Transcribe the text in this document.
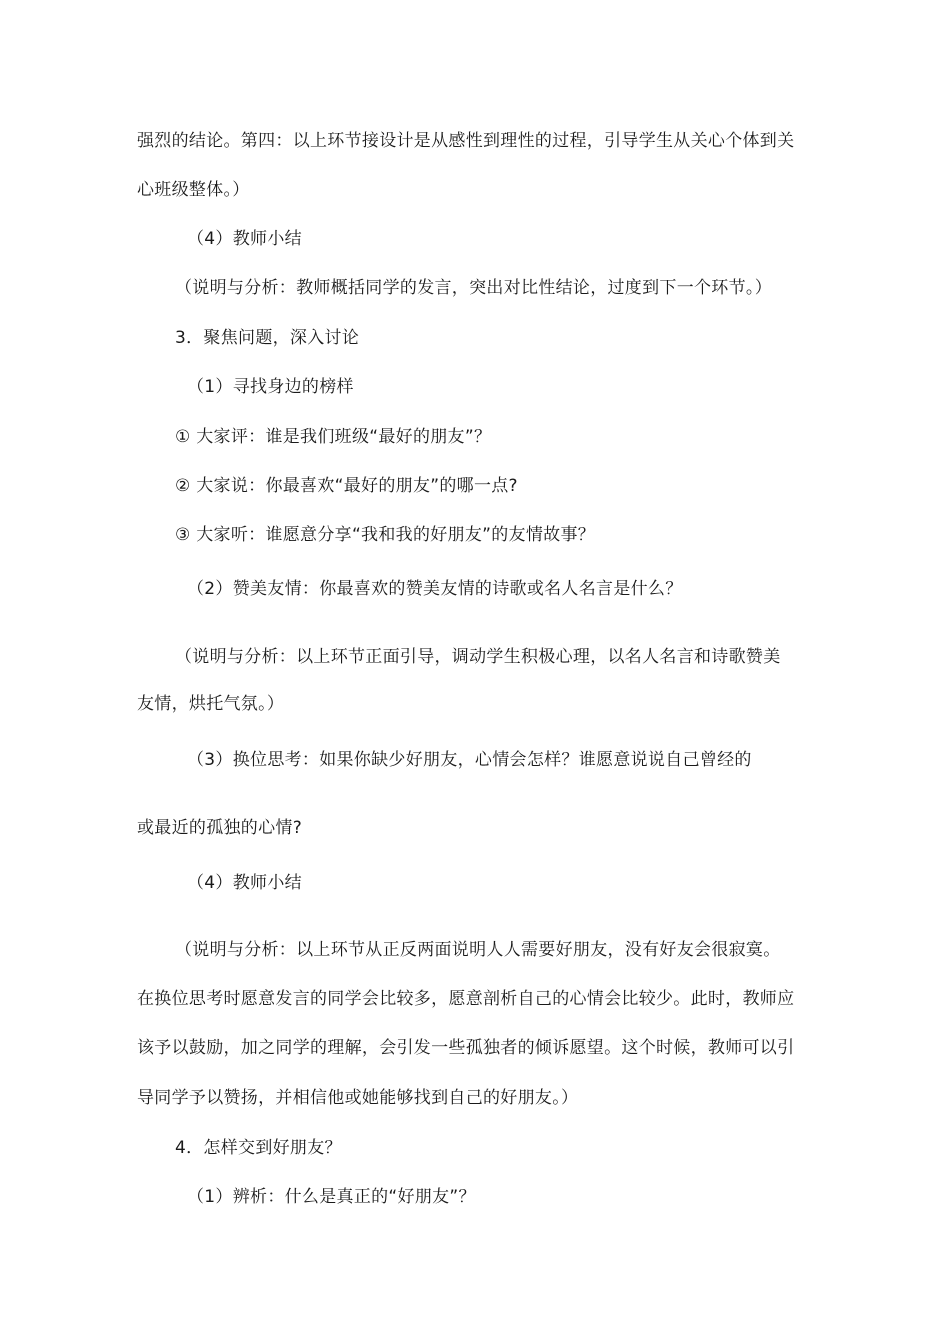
强烈的结论。第四：以上环节接设计是从感性到理性的过程，引导学生从关心个体到关
心班级整体。）
（4）教师小结
（说明与分析：教师概括同学的发言，突出对比性结论，过度到下一个环节。）
3．聚焦问题，深入讨论
（1）寻找身边的榜样
① 大家评：谁是我们班级“最好的朋友”？
② 大家说：你最喜欢“最好的朋友”的哪一点?
③ 大家听：谁愿意分享“我和我的好朋友”的友情故事？
（2）赞美友情：你最喜欢的赞美友情的诗歌或名人名言是什么？
（说明与分析：以上环节正面引导，调动学生积极心理，以名人名言和诗歌赞美
友情，烘托气氛。）
（3）换位思考：如果你缺少好朋友，心情会怎样？谁愿意说说自己曾经的
或最近的孤独的心情?
（4）教师小结
（说明与分析：以上环节从正反两面说明人人需要好朋友，没有好友会很寂寞。
在换位思考时愿意发言的同学会比较多，愿意剖析自己的心情会比较少。此时，教师应
该予以鼓励，加之同学的理解，会引发一些孤独者的倾诉愿望。这个时候，教师可以引
导同学予以赞扬，并相信他或她能够找到自己的好朋友。）
4．怎样交到好朋友？
（1）辨析：什么是真正的“好朋友”？
